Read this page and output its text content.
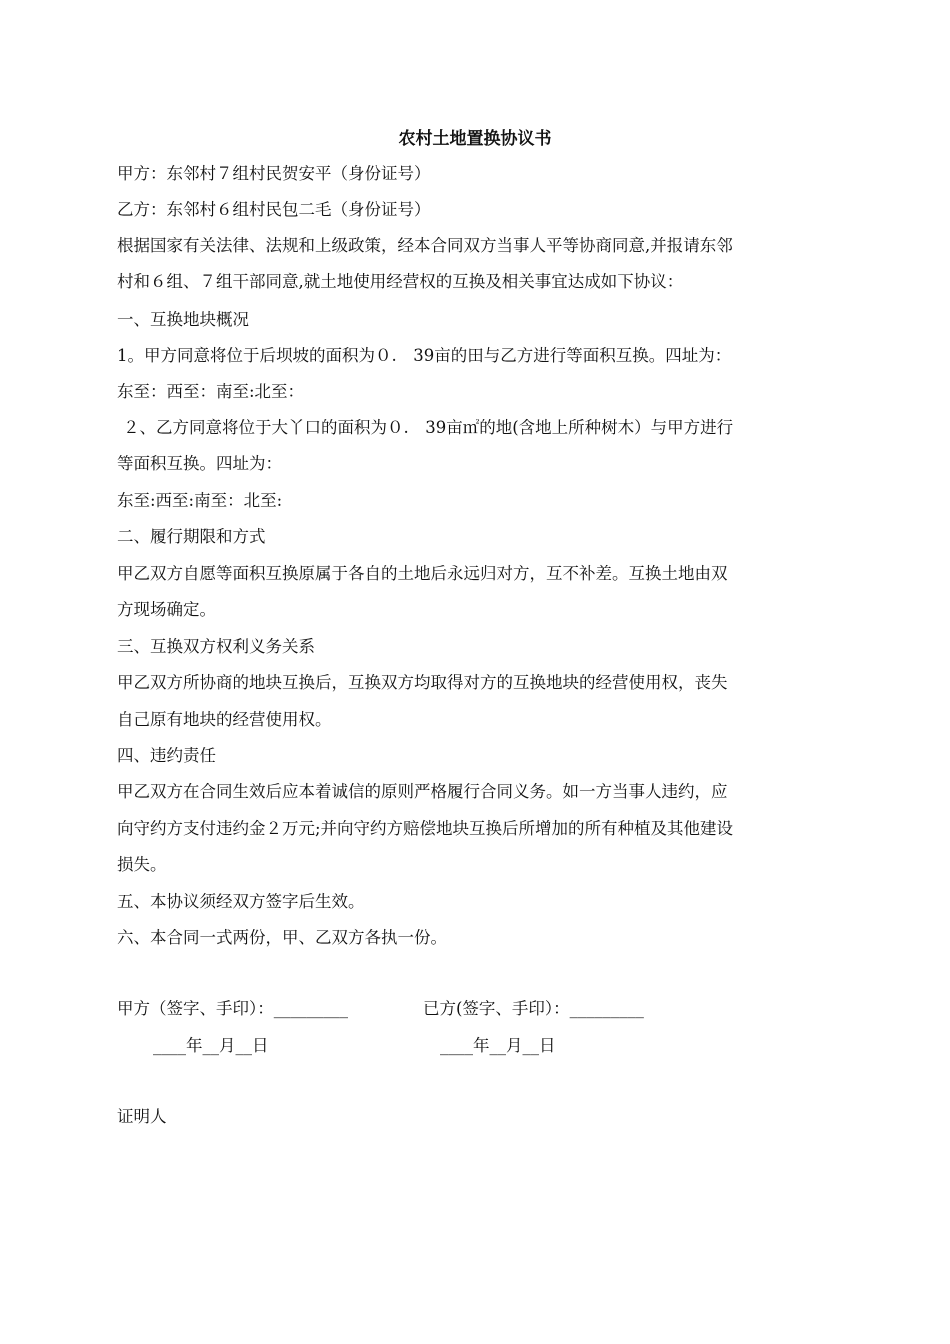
农村土地置换协议书
甲方：东邻村７组村民贺安平（身份证号）
乙方：东邻村６组村民包二毛（身份证号）
根据国家有关法律、法规和上级政策，经本合同双方当事人平等协商同意,并报请东邻
村和６组、７组干部同意,就土地使用经营权的互换及相关事宜达成如下协议：
一、互换地块概况
1。甲方同意将位于后坝坡的面积为０.　39亩的田与乙方进行等面积互换。四址为：
东至：西至：南至:北至：
２、乙方同意将位于大丫口的面积为０.　39亩㎡的地(含地上所种树木）与甲方进行
等面积互换。四址为：
东至:西至:南至：北至:
二、履行期限和方式
甲乙双方自愿等面积互换原属于各自的土地后永远归对方，互不补差。互换土地由双
方现场确定。
三、互换双方权利义务关系
甲乙双方所协商的地块互换后，互换双方均取得对方的互换地块的经营使用权，丧失
自己原有地块的经营使用权。
四、违约责任
甲乙双方在合同生效后应本着诚信的原则严格履行合同义务。如一方当事人违约，应
向守约方支付违约金２万元;并向守约方赔偿地块互换后所增加的所有种植及其他建设
损失。
五、本协议须经双方签字后生效。
六、本合同一式两份，甲、乙双方各执一份。
甲方（签字、手印）：_________	已方(签字、手印）：_________
____年__月__日	____年__月__日
证明人
